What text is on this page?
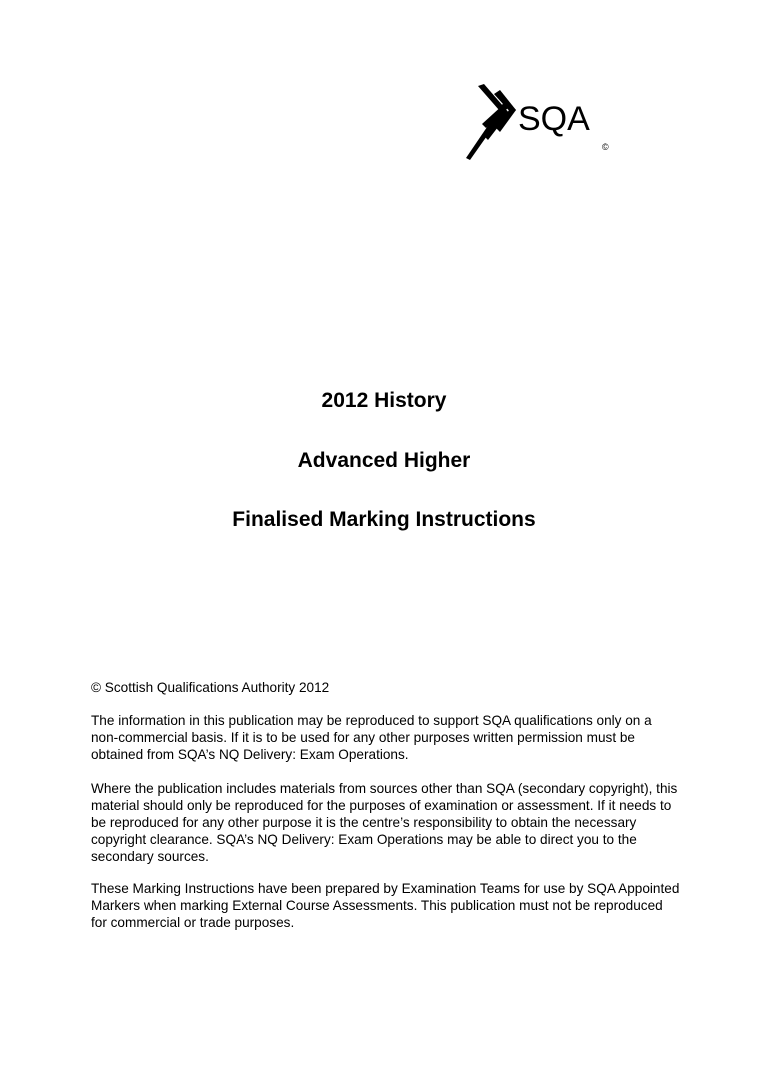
SQA
©
2012 History
Advanced Higher
Finalised Marking Instructions
© Scottish Qualifications Authority 2012
The information in this publication may be reproduced to support SQA qualifications only on a non-commercial basis. If it is to be used for any other purposes written permission must be obtained from SQA’s NQ Delivery: Exam Operations.
Where the publication includes materials from sources other than SQA (secondary copyright), this material should only be reproduced for the purposes of examination or assessment. If it needs to be reproduced for any other purpose it is the centre’s responsibility to obtain the necessary copyright clearance. SQA’s NQ Delivery: Exam Operations may be able to direct you to the secondary sources.
These Marking Instructions have been prepared by Examination Teams for use by SQA Appointed Markers when marking External Course Assessments. This publication must not be reproduced for commercial or trade purposes.
